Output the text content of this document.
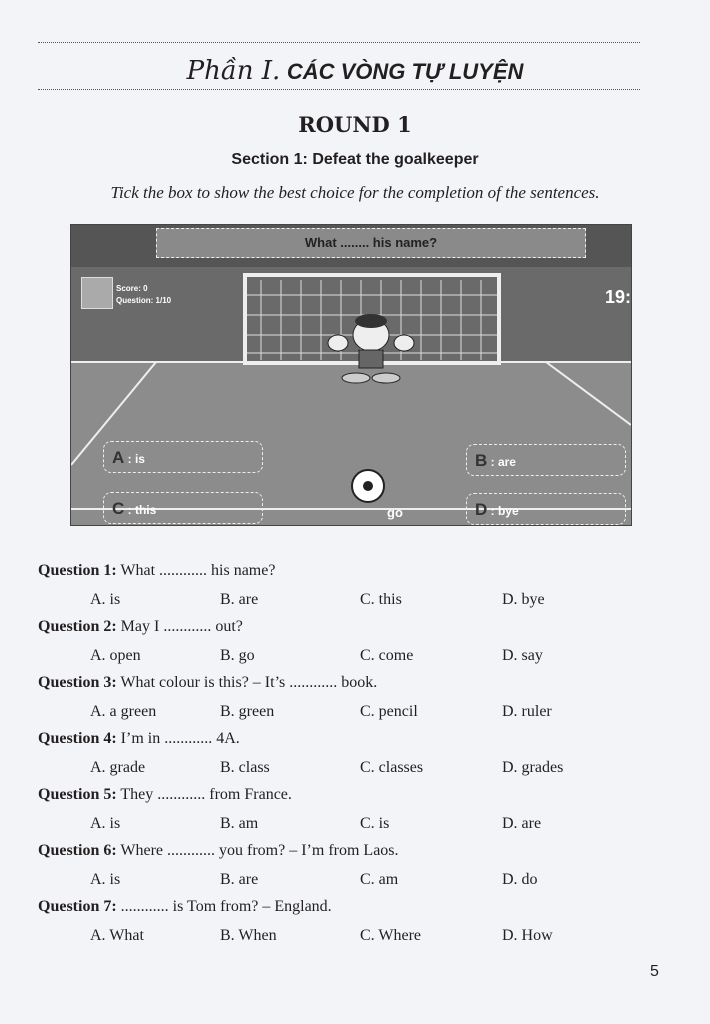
Phần I. CÁC VÒNG TỰ LUYỆN
ROUND 1
Section 1: Defeat the goalkeeper
Tick the box to show the best choice for the completion of the sentences.
What ........ his name?
Score: 0
Question: 1/10	19:
A : is	B : are
C : this	D : bye
go
Question 1: What ............ his name?
A. is	B. are	C. this	D. bye
Question 2: May I ............ out?
A. open	B. go	C. come	D. say
Question 3: What colour is this? – It’s ............ book.
A. a green	B. green	C. pencil	D. ruler
Question 4: I’m in ............ 4A.
A. grade	B. class	C. classes	D. grades
Question 5: They ............ from France.
A. is	B. am	C. is	D. are
Question 6: Where ............ you from? – I’m from Laos.
A. is	B. are	C. am	D. do
Question 7: ............ is Tom from? – England.
A. What	B. When	C. Where	D. How
5
